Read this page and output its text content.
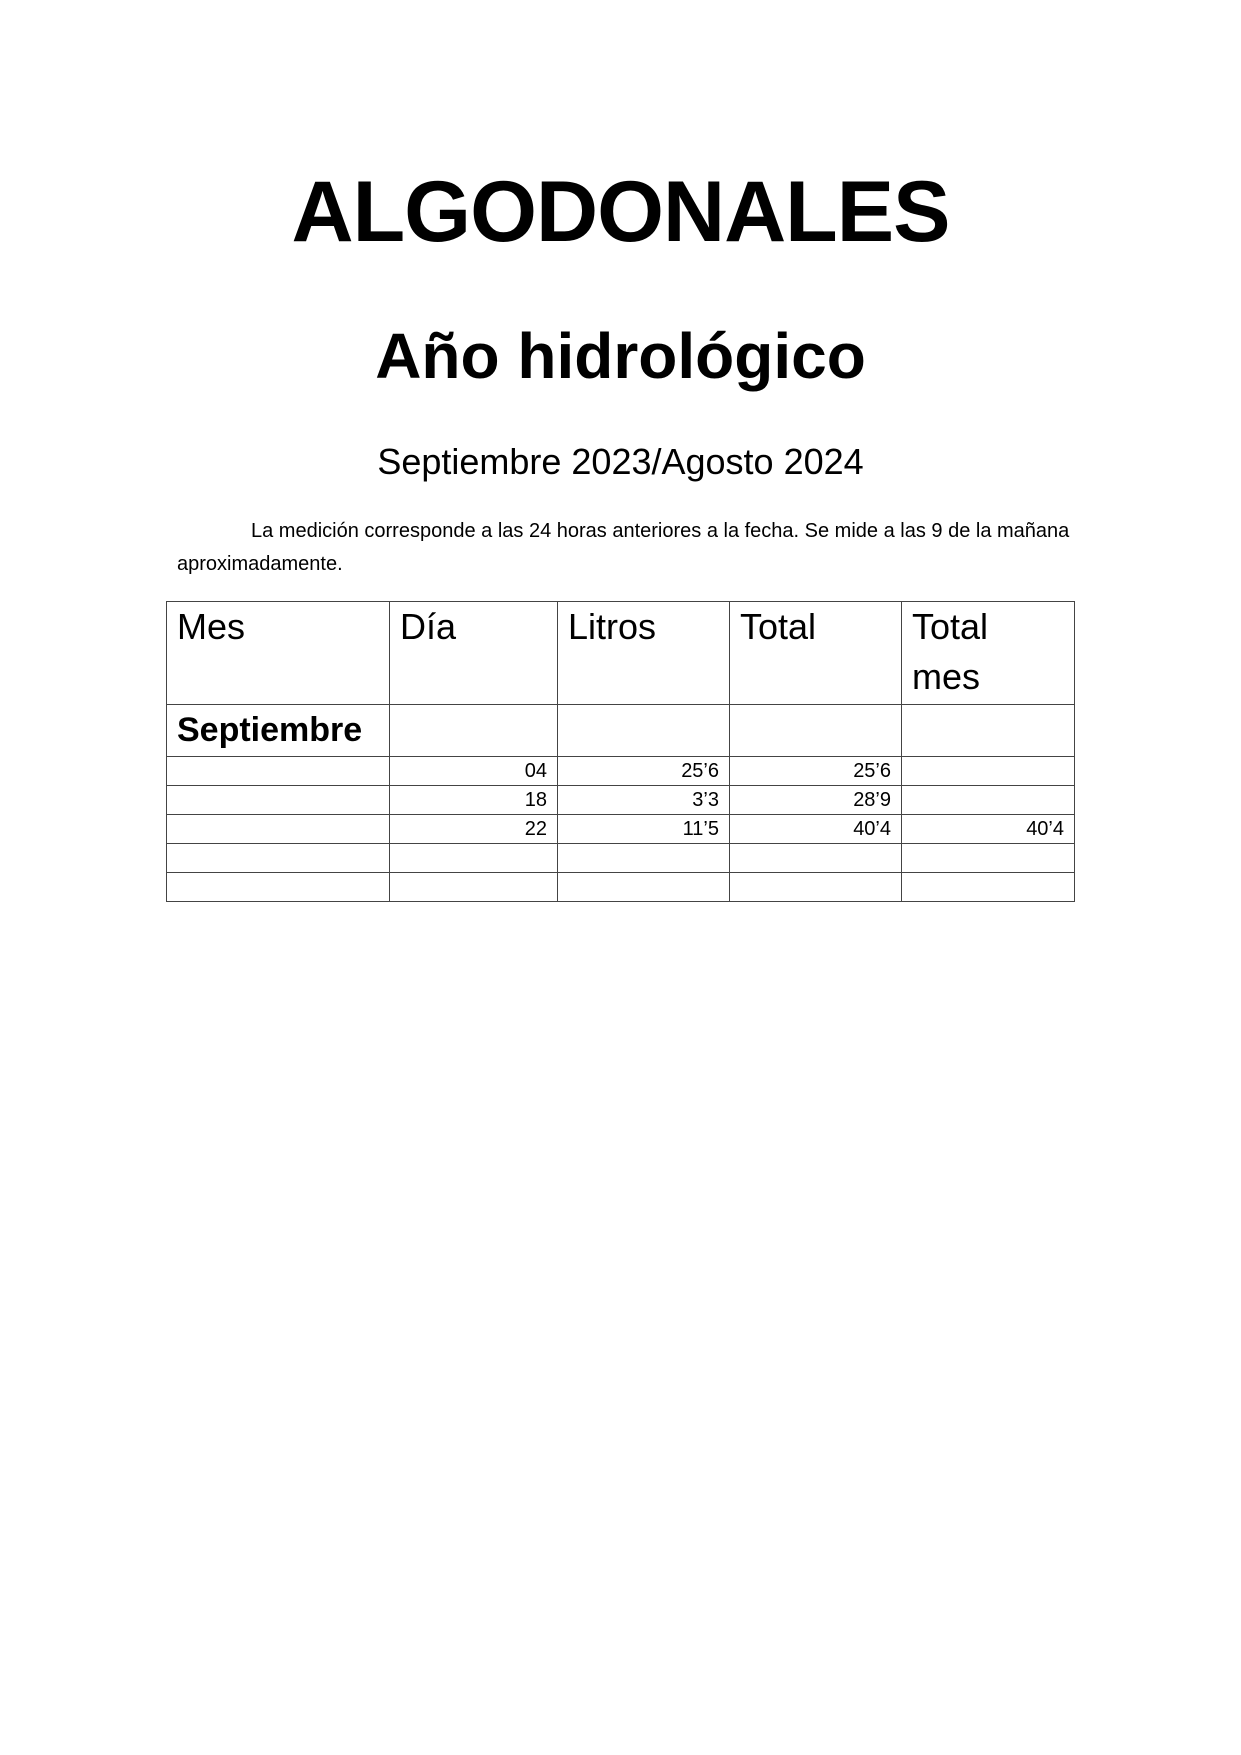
ALGODONALES
Año hidrológico
Septiembre 2023/Agosto 2024
La medición corresponde a las 24 horas anteriores a la fecha. Se mide a las 9 de la mañana aproximadamente.
Mes	Día	Litros	Total	Total mes
Septiembre				
	04	25’6	25’6	
	18	3’3	28’9	
	22	11’5	40’4	40’4
